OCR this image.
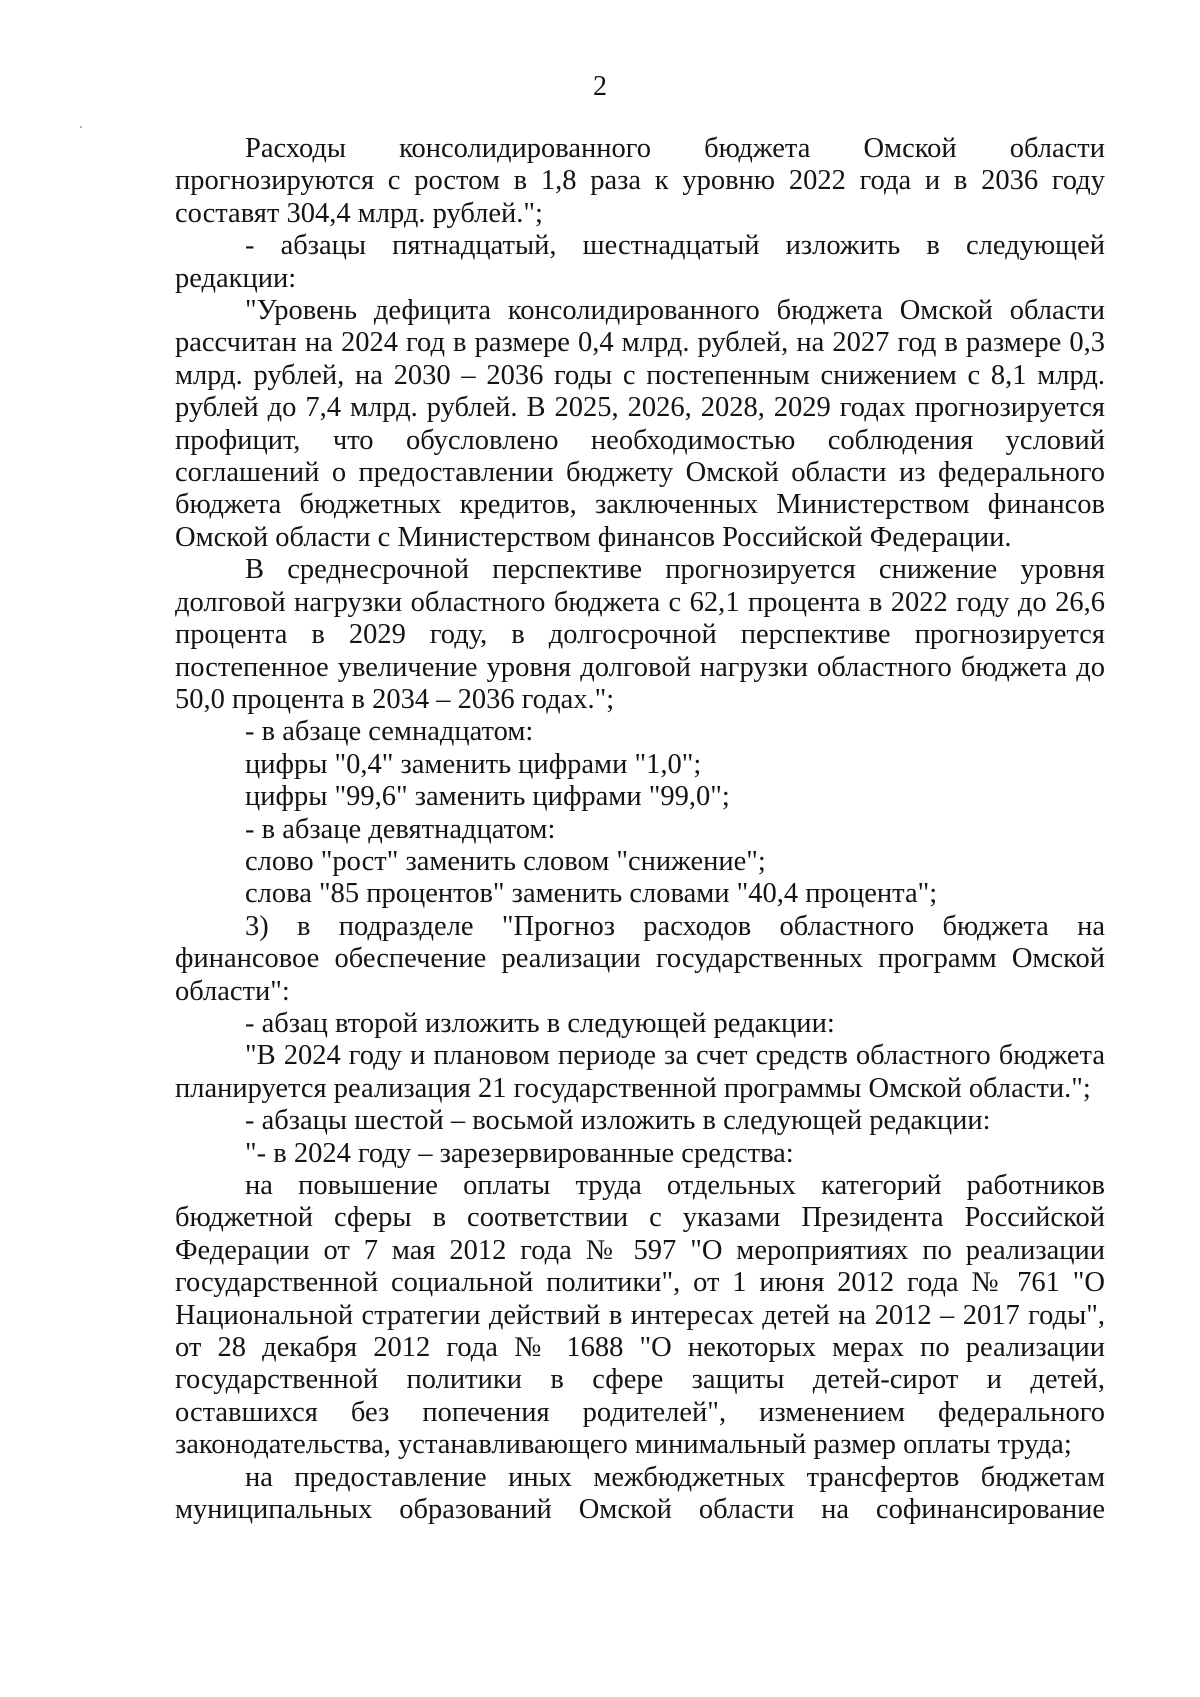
2

Расходы консолидированного бюджета Омской области прогнозируются с ростом в 1,8 раза к уровню 2022 года и в 2036 году составят 304,4 млрд. рублей.";

- абзацы пятнадцатый, шестнадцатый изложить в следующей редакции:

"Уровень дефицита консолидированного бюджета Омской области рассчитан на 2024 год в размере 0,4 млрд. рублей, на 2027 год в размере 0,3 млрд. рублей, на 2030 – 2036 годы с постепенным снижением с 8,1 млрд. рублей до 7,4 млрд. рублей. В 2025, 2026, 2028, 2029 годах прогнозируется профицит, что обусловлено необходимостью соблюдения условий соглашений о предоставлении бюджету Омской области из федерального бюджета бюджетных кредитов, заключенных Министерством финансов Омской области с Министерством финансов Российской Федерации.

В среднесрочной перспективе прогнозируется снижение уровня долговой нагрузки областного бюджета с 62,1 процента в 2022 году до 26,6 процента в 2029 году, в долгосрочной перспективе прогнозируется постепенное увеличение уровня долговой нагрузки областного бюджета до 50,0 процента в 2034 – 2036 годах.";

- в абзаце семнадцатом:

цифры "0,4" заменить цифрами "1,0";

цифры "99,6" заменить цифрами "99,0";

- в абзаце девятнадцатом:

слово "рост" заменить словом "снижение";

слова "85 процентов" заменить словами "40,4 процента";

3) в подразделе "Прогноз расходов областного бюджета на финансовое обеспечение реализации государственных программ Омской области":

- абзац второй изложить в следующей редакции:

"В 2024 году и плановом периоде за счет средств областного бюджета планируется реализация 21 государственной программы Омской области.";

- абзацы шестой – восьмой изложить в следующей редакции:

"- в 2024 году – зарезервированные средства:

на повышение оплаты труда отдельных категорий работников бюджетной сферы в соответствии с указами Президента Российской Федерации от 7 мая 2012 года № 597 "О мероприятиях по реализации государственной социальной политики", от 1 июня 2012 года № 761 "О Национальной стратегии действий в интересах детей на 2012 – 2017 годы", от 28 декабря 2012 года № 1688 "О некоторых мерах по реализации государственной политики в сфере защиты детей-сирот и детей, оставшихся без попечения родителей", изменением федерального законодательства, устанавливающего минимальный размер оплаты труда;

на предоставление иных межбюджетных трансфертов бюджетам муниципальных образований Омской области на софинансирование
